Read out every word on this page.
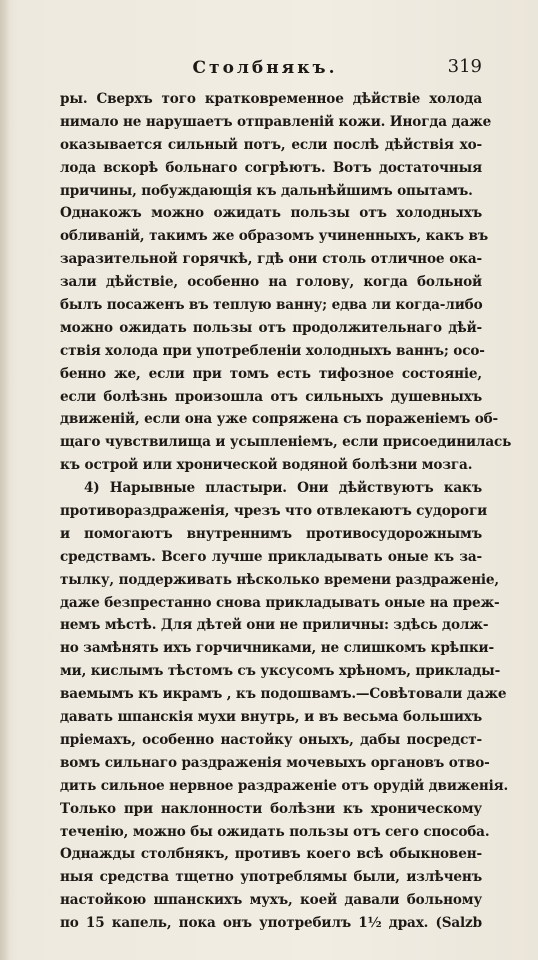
Столбнякъ.	319
ры. Сверхъ того кратковременное дѣйствіе холода
нимало не нарушаетъ отправленій кожи. Иногда даже
оказывается сильный потъ, если послѣ дѣйствія хо-
лода вскорѣ больнаго согрѣютъ. Вотъ достаточныя
причины, побуждающія къ дальнѣйшимъ опытамъ.
Однакожъ можно ожидать пользы отъ холодныхъ
обливаній, такимъ же образомъ учиненныхъ, какъ въ
заразительной горячкѣ, гдѣ они столь отличное ока-
зали дѣйствіе, особенно на голову, когда больной
былъ посаженъ въ теплую ванну; едва ли когда-либо
можно ожидать пользы отъ продолжительнаго дѣй-
ствія холода при употребленіи холодныхъ ваннъ; осо-
бенно же, если при томъ есть тифозное состояніе,
если болѣзнь произошла отъ сильныхъ душевныхъ
движеній, если она уже сопряжена съ пораженіемъ об-
щаго чувствилища и усыпленіемъ, если присоединилась
къ острой или хронической водяной болѣзни мозга.
4) Нарывные пластыри. Они дѣйствуютъ какъ
противораздраженія, чрезъ что отвлекаютъ судороги
и помогаютъ внутреннимъ противосудорожнымъ
средствамъ. Всего лучше прикладывать оные къ за-
тылку, поддерживать нѣсколько времени раздраженіе,
даже безпрестанно снова прикладывать оные на преж-
немъ мѣстѣ. Для дѣтей они не приличны: здѣсь долж-
но замѣнять ихъ горчичниками, не слишкомъ крѣпки-
ми, кислымъ тѣстомъ съ уксусомъ хрѣномъ, приклады-
ваемымъ къ икрамъ , къ подошвамъ.—Совѣтовали даже
давать шпанскія мухи внутрь, и въ весьма большихъ
пріемахъ, особенно настойку оныхъ, дабы посредст-
вомъ сильнаго раздраженія мочевыхъ органовъ отво-
дить сильное нервное раздраженіе отъ орудій движенія.
Только при наклонности болѣзни къ хроническому
теченію, можно бы ожидать пользы отъ сего способа.
Однажды столбнякъ, противъ коего всѣ обыкновен-
ныя средства тщетно употреблямы были, излѣченъ
настойкою шпанскихъ мухъ, коей давали больному
по 15 капель, пока онъ употребилъ 1½ драх. (Salzb
